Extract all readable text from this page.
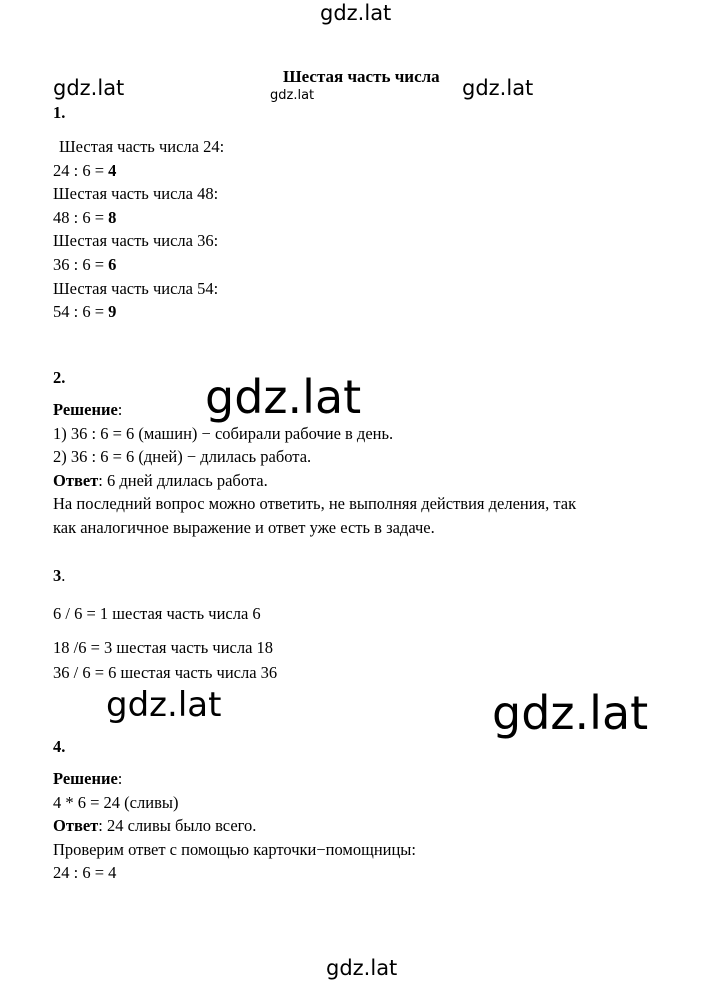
gdz.lat
gdz.lat	gdz.lat	gdz.lat
Шестая часть числа
1.

Шестая часть числа 24:

24 : 6 = 4

Шестая часть числа 48:

48 : 6 = 8

Шестая часть числа 36:

36 : 6 = 6

Шестая часть числа 54:

54 : 6 = 9

2.

Решение:

1) 36 : 6 = 6 (машин) − собирали рабочие в день.

2) 36 : 6 = 6 (дней) − длилась работа.

Ответ: 6 дней длилась работа.

На последний вопрос можно ответить, не выполняя действия деления, так

как аналогичное выражение и ответ уже есть в задаче.

gdz.lat
3.

6 / 6 = 1 шестая часть числа 6

18 /6 = 3 шестая часть числа 18

36 / 6 = 6 шестая часть числа 36

gdz.lat	gdz.lat
4.

Решение:

4 * 6 = 24 (сливы)

Ответ: 24 сливы было всего.

Проверим ответ с помощью карточки−помощницы:

24 : 6 = 4

gdz.lat
